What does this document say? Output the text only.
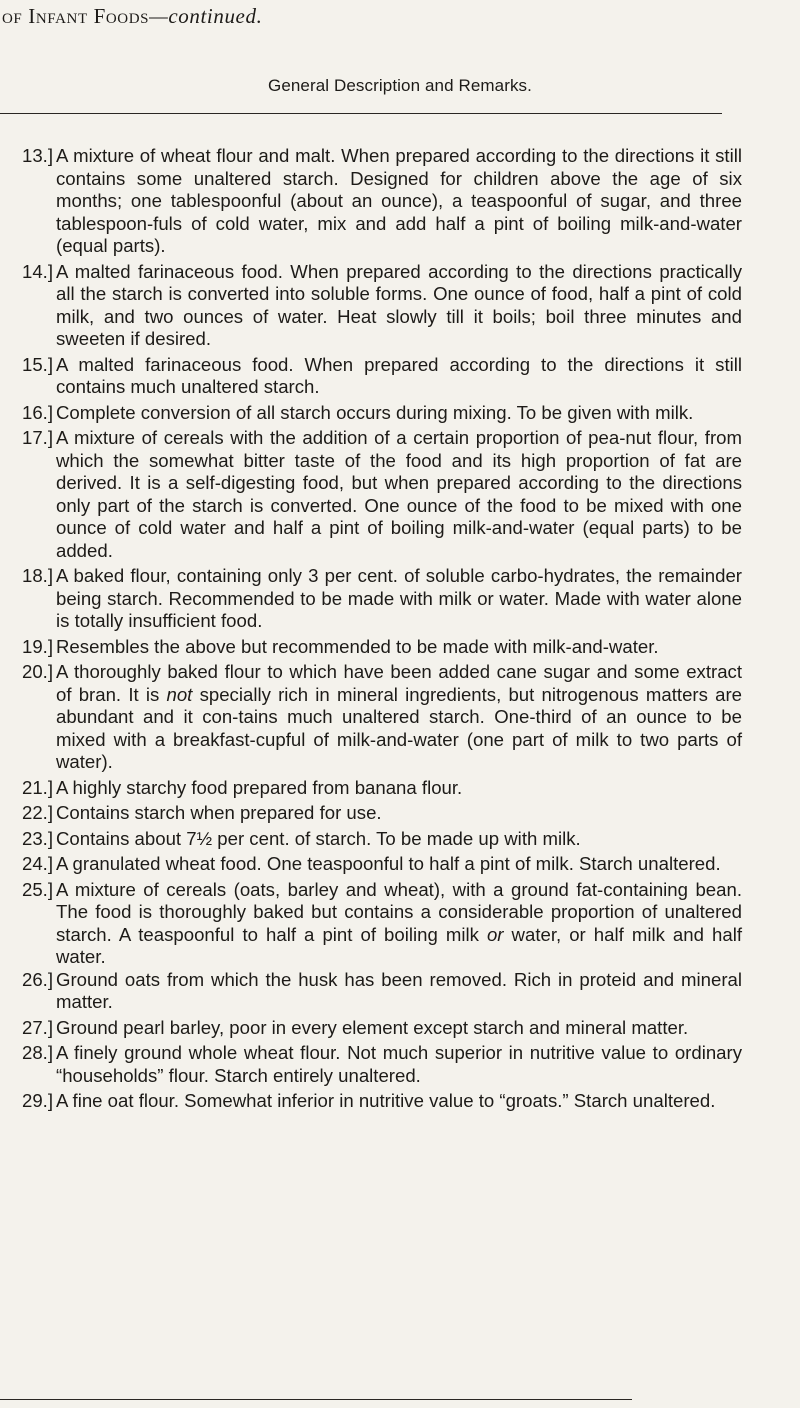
of Infant Foods—continued.
General Description and Remarks.
13.] A mixture of wheat flour and malt. When prepared according to the directions it still contains some unaltered starch. Designed for children above the age of six months; one tablespoonful (about an ounce), a teaspoonful of sugar, and three tablespoon-fuls of cold water, mix and add half a pint of boiling milk-and-water (equal parts).
14.] A malted farinaceous food. When prepared according to the directions practically all the starch is converted into soluble forms. One ounce of food, half a pint of cold milk, and two ounces of water. Heat slowly till it boils; boil three minutes and sweeten if desired.
15.] A malted farinaceous food. When prepared according to the directions it still contains much unaltered starch.
16.] Complete conversion of all starch occurs during mixing. To be given with milk.
17.] A mixture of cereals with the addition of a certain proportion of pea-nut flour, from which the somewhat bitter taste of the food and its high proportion of fat are derived. It is a self-digesting food, but when prepared according to the directions only part of the starch is converted. One ounce of the food to be mixed with one ounce of cold water and half a pint of boiling milk-and-water (equal parts) to be added.
18.] A baked flour, containing only 3 per cent. of soluble carbo-hydrates, the remainder being starch. Recommended to be made with milk or water. Made with water alone is totally insufficient food.
19.] Resembles the above but recommended to be made with milk-and-water.
20.] A thoroughly baked flour to which have been added cane sugar and some extract of bran. It is not specially rich in mineral ingredients, but nitrogenous matters are abundant and it con-tains much unaltered starch. One-third of an ounce to be mixed with a breakfast-cupful of milk-and-water (one part of milk to two parts of water).
21.] A highly starchy food prepared from banana flour.
22.] Contains starch when prepared for use.
23.] Contains about 7½ per cent. of starch. To be made up with milk.
24.] A granulated wheat food. One teaspoonful to half a pint of milk. Starch unaltered.
25.] A mixture of cereals (oats, barley and wheat), with a ground fat-containing bean. The food is thoroughly baked but contains a considerable proportion of unaltered starch. A teaspoonful to half a pint of boiling milk or water, or half milk and half water.
26.] Ground oats from which the husk has been removed. Rich in proteid and mineral matter.
27.] Ground pearl barley, poor in every element except starch and mineral matter.
28.] A finely ground whole wheat flour. Not much superior in nutritive value to ordinary “households” flour. Starch entirely unaltered.
29.] A fine oat flour. Somewhat inferior in nutritive value to “groats.” Starch unaltered.
